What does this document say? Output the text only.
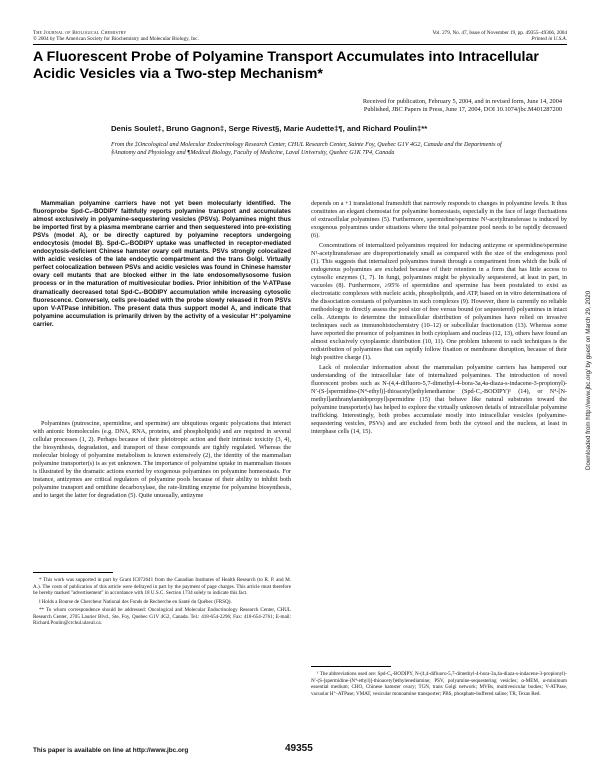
The Journal of Biological Chemistry
© 2004 by The American Society for Biochemistry and Molecular Biology, Inc.
Vol. 279, No. 47, Issue of November 19, pp. 49355–49366, 2004
Printed in U.S.A.
A Fluorescent Probe of Polyamine Transport Accumulates into Intracellular Acidic Vesicles via a Two-step Mechanism*
Received for publication, February 5, 2004, and in revised form, June 14, 2004
Published, JBC Papers in Press, June 17, 2004, DOI 10.1074/jbc.M401287200
Denis Soulet‡, Bruno Gagnon‡, Serge Rivest§, Marie Audette‡¶, and Richard Poulin‡**
From the ‡Oncological and Molecular Endocrinology Research Center, CHUL Research Center, Sainte Foy, Quebec G1V 4G2, Canada and the Departments of §Anatomy and Physiology and ¶Medical Biology, Faculty of Medicine, Laval University, Quebec G1K 7P4, Canada

Mammalian polyamine carriers have not yet been molecularly identified. The fluoroprobe Spd-C₂-BODIPY faithfully reports polyamine transport and accumulates almost exclusively in polyamine-sequestering vesicles (PSVs). Polyamines might thus be imported first by a plasma membrane carrier and then sequestered into pre-existing PSVs (model A), or be directly captured by polyamine receptors undergoing endocytosis (model B). Spd-C₂-BODIPY uptake was unaffected in receptor-mediated endocytosis-deficient Chinese hamster ovary cell mutants. PSVs strongly colocalized with acidic vesicles of the late endocytic compartment and the trans Golgi. Virtually perfect colocalization between PSVs and acidic vesicles was found in Chinese hamster ovary cell mutants that are blocked either in the late endosome/lysosome fusion process or in the maturation of multivesicular bodies. Prior inhibition of the V-ATPase dramatically decreased total Spd-C₂-BODIPY accumulation while increasing cytosolic fluorescence. Conversely, cells pre-loaded with the probe slowly released it from PSVs upon V-ATPase inhibition. The present data thus support model A, and indicate that polyamine accumulation is primarily driven by the activity of a vesicular H⁺:polyamine carrier.

Polyamines (putrescine, spermidine, and spermine) are ubiquitous organic polycations that interact with anionic biomolecules (e.g. DNA, RNA, proteins, and phospholipids) and are required in several cellular processes (1, 2). Perhaps because of their pleiotropic action and their intrinsic toxicity (3, 4), the biosynthesis, degradation, and transport of these compounds are tightly regulated. Whereas the molecular biology of polyamine metabolism is known extensively (2), the identity of the mammalian polyamine transporter(s) is as yet unknown. The importance of polyamine uptake in mammalian tissues is illustrated by the dramatic actions exerted by exogenous polyamines on polyamine homeostasis. For instance, antizymes are critical regulators of polyamine pools because of their ability to inhibit both polyamine transport and ornithine decarboxylase, the rate-limiting enzyme for polyamine biosynthesis, and to target the latter for degradation (5). Quite unusually, antizyme

* This work was supported in part by Grant IC072641 from the Canadian Institutes of Health Research (to R. P. and M. A.). The costs of publication of this article were defrayed in part by the payment of page charges. This article must therefore be hereby marked "advertisement" in accordance with 18 U.S.C. Section 1734 solely to indicate this fact.

‖ Holds a Bourse de Chercheur National des Fonds de Recherche en Santé du Québec (FRSQ).

** To whom correspondence should be addressed: Oncological and Molecular Endocrinology Research Center, CHUL Research Center, 2705 Laurier Blvd., Ste. Foy, Quebec G1V 4G2, Canada. Tel.: 418-654-2296; Fax: 418-654-2761; E-mail: Richard.Poulin@crchul.ulaval.ca.

depends on a +1 translational frameshift that narrowly responds to changes in polyamine levels. It thus constitutes an elegant chemostat for polyamine homeostasis, especially in the face of large fluctuations of extracellular polyamines (5). Furthermore, spermidine/spermine N¹-acetyltransferase is induced by exogenous polyamines under situations where the total polyamine pool needs to be rapidly decreased (6).

Concentrations of internalized polyamines required for inducing antizyme or spermidine/spermine N¹-acetyltransferase are disproportionately small as compared with the size of the endogenous pool (1). This suggests that internalized polyamines transit through a compartment from which the bulk of endogenous polyamines are excluded because of their retention in a form that has little access to cytosolic enzymes (1, 7). In fungi, polyamines might be physically sequestered, at least in part, in vacuoles (8). Furthermore, ≥95% of spermidine and spermine has been postulated to exist as electrostatic complexes with nucleic acids, phospholipids, and ATP, based on in vitro determinations of the dissociation constants of polyamines in such complexes (9). However, there is currently no reliable methodology to directly assess the pool size of free versus bound (or sequestered) polyamines in intact cells. Attempts to determine the intracellular distribution of polyamines have relied on invasive techniques such as immunohistochemistry (10–12) or subcellular fractionation (13). Whereas some have reported the presence of polyamines in both cytoplasm and nucleus (12, 13), others have found an almost exclusively cytoplasmic distribution (10, 11). One problem inherent to such techniques is the redistribution of polyamines that can rapidly follow fixation or membrane disruption, because of their high positive charge (1).

Lack of molecular information about the mammalian polyamine carriers has hampered our understanding of the intracellular fate of internalized polyamines. The introduction of novel fluorescent probes such as N-(4,4-difluoro-5,7-dimethyl-4-bora-3a,4a-diaza-s-indacene-3-propionyl)-N′-(S-[spermidine-(N⁴-ethyl)]-thioacetyl)ethylenediamine (Spd-C₂-BODIPY)¹ (14), or N⁴-[N-methyl]anthranylamidopropyl]spermidine (15) that behave like natural substrates toward the polyamine transporter(s) has helped to explore the virtually unknown details of intracellular polyamine trafficking. Interestingly, both probes accumulate mostly into intracellular vesicles (polyamine-sequestering vesicles, PSVs) and are excluded from both the cytosol and the nucleus, at least in interphase cells (14, 15).

¹ The abbreviations used are: Spd-C₂-BODIPY, N-(4,4-difluoro-5,7-dimethyl-4-bora-3a,4a-diaza-s-indacene-3-propionyl)-N′-(S-[spermidine-(N⁴-ethyl)]-thioacetyl)ethylenediamine; PSV, polyamine-sequestering vesicles; α-MEM, α-minimum essential medium; CHO, Chinese hamster ovary; TGN, trans Golgi network; MVBs, multivesicular bodies; V-ATPase, vacuolar H⁺-ATPase; VMAT, vesicular monoamine transporter; PBS, phosphate-buffered saline; TR, Texas Red.

This paper is available on line at http://www.jbc.org	49355
Downloaded from http://www.jbc.org/ by guest on March 29, 2020
